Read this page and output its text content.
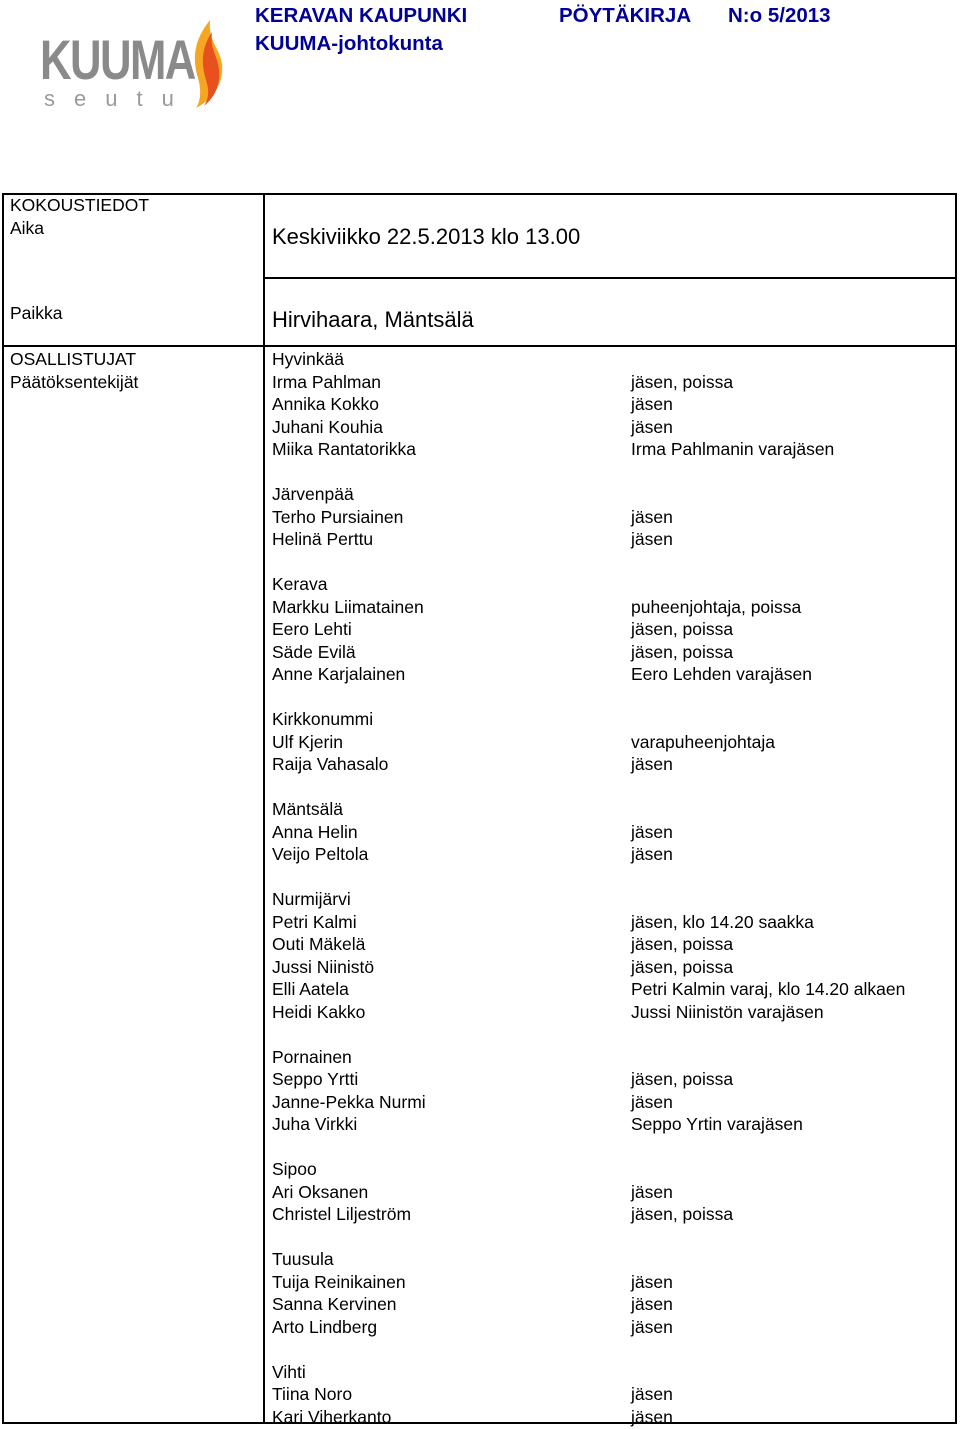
KERAVAN KAUPUNKI	PÖYTÄKIRJA N:o 5/2013
KUUMA-johtokunta
KUUMA
seutu
KOKOUSTIEDOT
Aika
Paikka
OSALLISTUJAT
Päätöksentekijät
Keskiviikko 22.5.2013 klo 13.00
Hirvihaara, Mäntsälä
Hyvinkää
Irma Pahlman
Annika Kokko
Juhani Kouhia
Miika Rantatorikka

Järvenpää
Terho Pursiainen
Helinä Perttu

Kerava
Markku Liimatainen
Eero Lehti
Säde Evilä
Anne Karjalainen

Kirkkonummi
Ulf Kjerin
Raija Vahasalo

Mäntsälä
Anna Helin
Veijo Peltola

Nurmijärvi
Petri Kalmi
Outi Mäkelä
Jussi Niinistö
Elli Aatela
Heidi Kakko

Pornainen
Seppo Yrtti
Janne-Pekka Nurmi
Juha Virkki

Sipoo
Ari Oksanen
Christel Liljeström

Tuusula
Tuija Reinikainen
Sanna Kervinen
Arto Lindberg

Vihti
Tiina Noro
Kari Viherkanto

jäsen, poissa
jäsen
jäsen
Irma Pahlmanin varajäsen

jäsen
jäsen

puheenjohtaja, poissa
jäsen, poissa
jäsen, poissa
Eero Lehden varajäsen

varapuheenjohtaja
jäsen

jäsen
jäsen

jäsen, klo 14.20 saakka
jäsen, poissa
jäsen, poissa
Petri Kalmin varaj, klo 14.20 alkaen
Jussi Niinistön varajäsen

jäsen, poissa
jäsen
Seppo Yrtin varajäsen

jäsen
jäsen, poissa

jäsen
jäsen
jäsen

jäsen
jäsen
